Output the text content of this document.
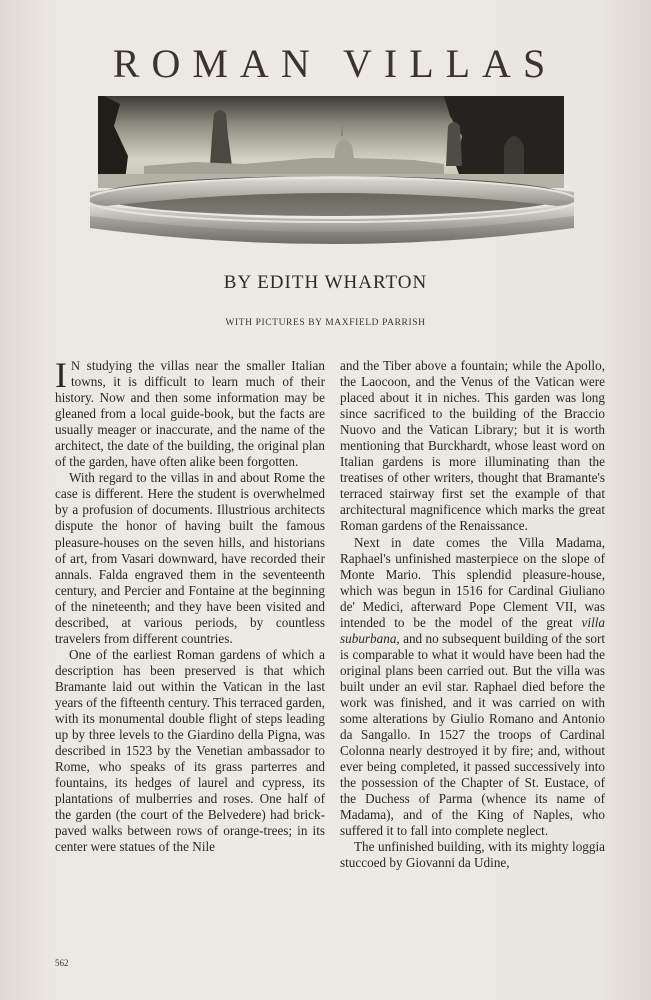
ROMAN VILLAS
BY EDITH WHARTON
WITH PICTURES BY MAXFIELD PARRISH

I N studying the villas near the smaller Italian towns, it is difficult to learn much of their history. Now and then some information may be gleaned from a local guide-book, but the facts are usually meager or inaccurate, and the name of the architect, the date of the building, the original plan of the garden, have often alike been forgotten.

With regard to the villas in and about Rome the case is different. Here the student is overwhelmed by a profusion of documents. Illustrious architects dispute the honor of having built the famous pleasure-houses on the seven hills, and historians of art, from Vasari downward, have recorded their annals. Falda engraved them in the seventeenth century, and Percier and Fontaine at the beginning of the nineteenth; and they have been visited and described, at various periods, by countless travelers from different countries.

One of the earliest Roman gardens of which a description has been preserved is that which Bramante laid out within the Vatican in the last years of the fifteenth century. This terraced garden, with its monumental double flight of steps leading up by three levels to the Giardino della Pigna, was described in 1523 by the Venetian ambassador to Rome, who speaks of its grass parterres and fountains, its hedges of laurel and cypress, its plantations of mulberries and roses. One half of the garden (the court of the Belvedere) had brick-paved walks between rows of orange-trees; in its center were statues of the Nile

and the Tiber above a fountain; while the Apollo, the Laocoon, and the Venus of the Vatican were placed about it in niches. This garden was long since sacrificed to the building of the Braccio Nuovo and the Vatican Library; but it is worth mentioning that Burckhardt, whose least word on Italian gardens is more illuminating than the treatises of other writers, thought that Bramante's terraced stairway first set the example of that architectural magnificence which marks the great Roman gardens of the Renaissance.

Next in date comes the Villa Madama, Raphael's unfinished masterpiece on the slope of Monte Mario. This splendid pleasure-house, which was begun in 1516 for Cardinal Giuliano de' Medici, afterward Pope Clement VII, was intended to be the model of the great villa suburbana, and no subsequent building of the sort is comparable to what it would have been had the original plans been carried out. But the villa was built under an evil star. Raphael died before the work was finished, and it was carried on with some alterations by Giulio Romano and Antonio da Sangallo. In 1527 the troops of Cardinal Colonna nearly destroyed it by fire; and, without ever being completed, it passed successively into the possession of the Chapter of St. Eustace, of the Duchess of Parma (whence its name of Madama), and of the King of Naples, who suffered it to fall into complete neglect.

The unfinished building, with its mighty loggia stuccoed by Giovanni da Udine,

562
